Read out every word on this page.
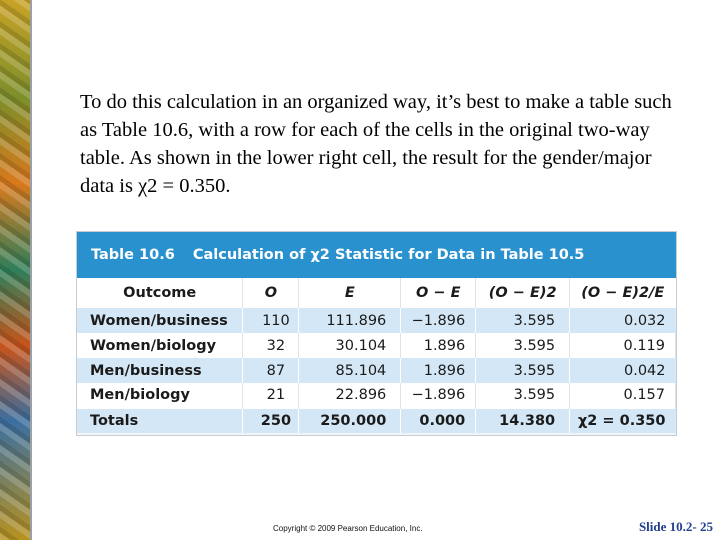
To do this calculation in an organized way, it’s best to make a table such as Table 10.6, with a row for each of the cells in the original two-way table. As shown in the lower right cell, the result for the gender/major data is χ2 = 0.350.

Table 10.6 Calculation of χ2 Statistic for Data in Table 10.5
Outcome	O	E	O − E	(O − E)2	(O − E)2/E
Women/business	110	111.896	−1.896	3.595	0.032
Women/biology	32	30.104	1.896	3.595	0.119
Men/business	87	85.104	1.896	3.595	0.042
Men/biology	21	22.896	−1.896	3.595	0.157
Totals	250	250.000	0.000	14.380	χ2 = 0.350
Copyright © 2009 Pearson Education, Inc.	Slide 10.2- 25
